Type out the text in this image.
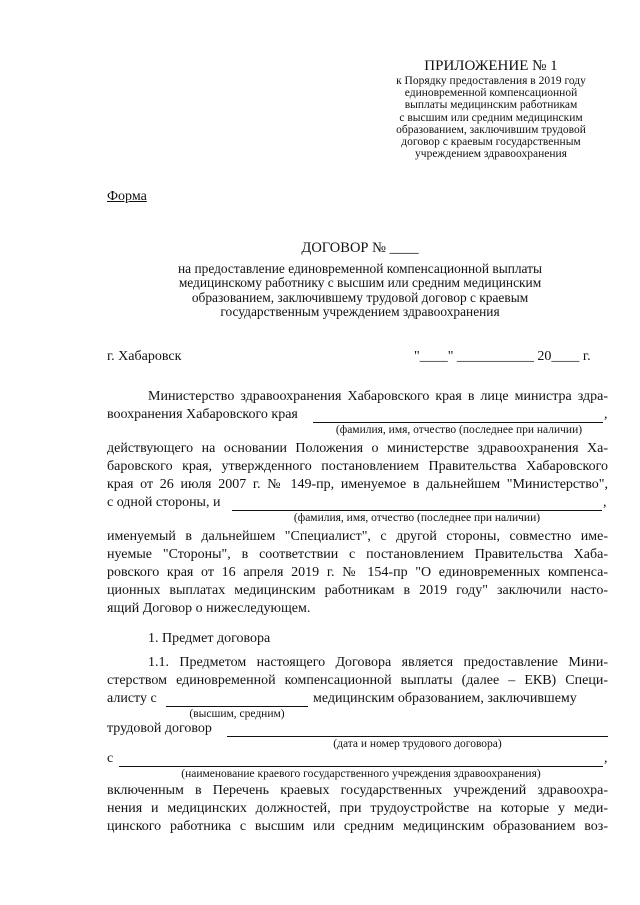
ПРИЛОЖЕНИЕ № 1
к Порядку предоставления в 2019 году
единовременной компенсационной
выплаты медицинским работникам
с высшим или средним медицинским
образованием, заключившим трудовой
договор с краевым государственным
учреждением здравоохранения
Форма
ДОГОВОР № ____
на предоставление единовременной компенсационной выплаты
медицинскому работнику с высшим или средним медицинским
образованием, заключившему трудовой договор с краевым
государственным учреждением здравоохранения
г. Хабаровск	"____" ___________ 20____ г.
Министерство здравоохранения Хабаровского края в лице министра здра-
воохранения Хабаровского края	,
(фамилия, имя, отчество (последнее при наличии)
действующего на основании Положения о министерстве здравоохранения Ха-
баровского края, утвержденного постановлением Правительства Хабаровского
края от 26 июля 2007 г. № 149-пр, именуемое в дальнейшем "Министерство",
с одной стороны, и	,
(фамилия, имя, отчество (последнее при наличии)
именуемый в дальнейшем "Специалист", с другой стороны, совместно име-
нуемые "Стороны", в соответствии с постановлением Правительства Хаба-
ровского края от 16 апреля 2019 г. № 154-пр "О единовременных компенса-
ционных выплатах медицинским работникам в 2019 году" заключили насто-
ящий Договор о нижеследующем.
1. Предмет договора
1.1. Предметом настоящего Договора является предоставление Мини-
стерством единовременной компенсационной выплаты (далее – ЕКВ) Специ-
алисту с	медицинским образованием, заключившему
(высшим, средним)
трудовой договор
(дата и номер трудового договора)
с	,
(наименование краевого государственного учреждения здравоохранения)
включенным в Перечень краевых государственных учреждений здравоохра-
нения и медицинских должностей, при трудоустройстве на которые у меди-
цинского работника с высшим или средним медицинским образованием воз-
